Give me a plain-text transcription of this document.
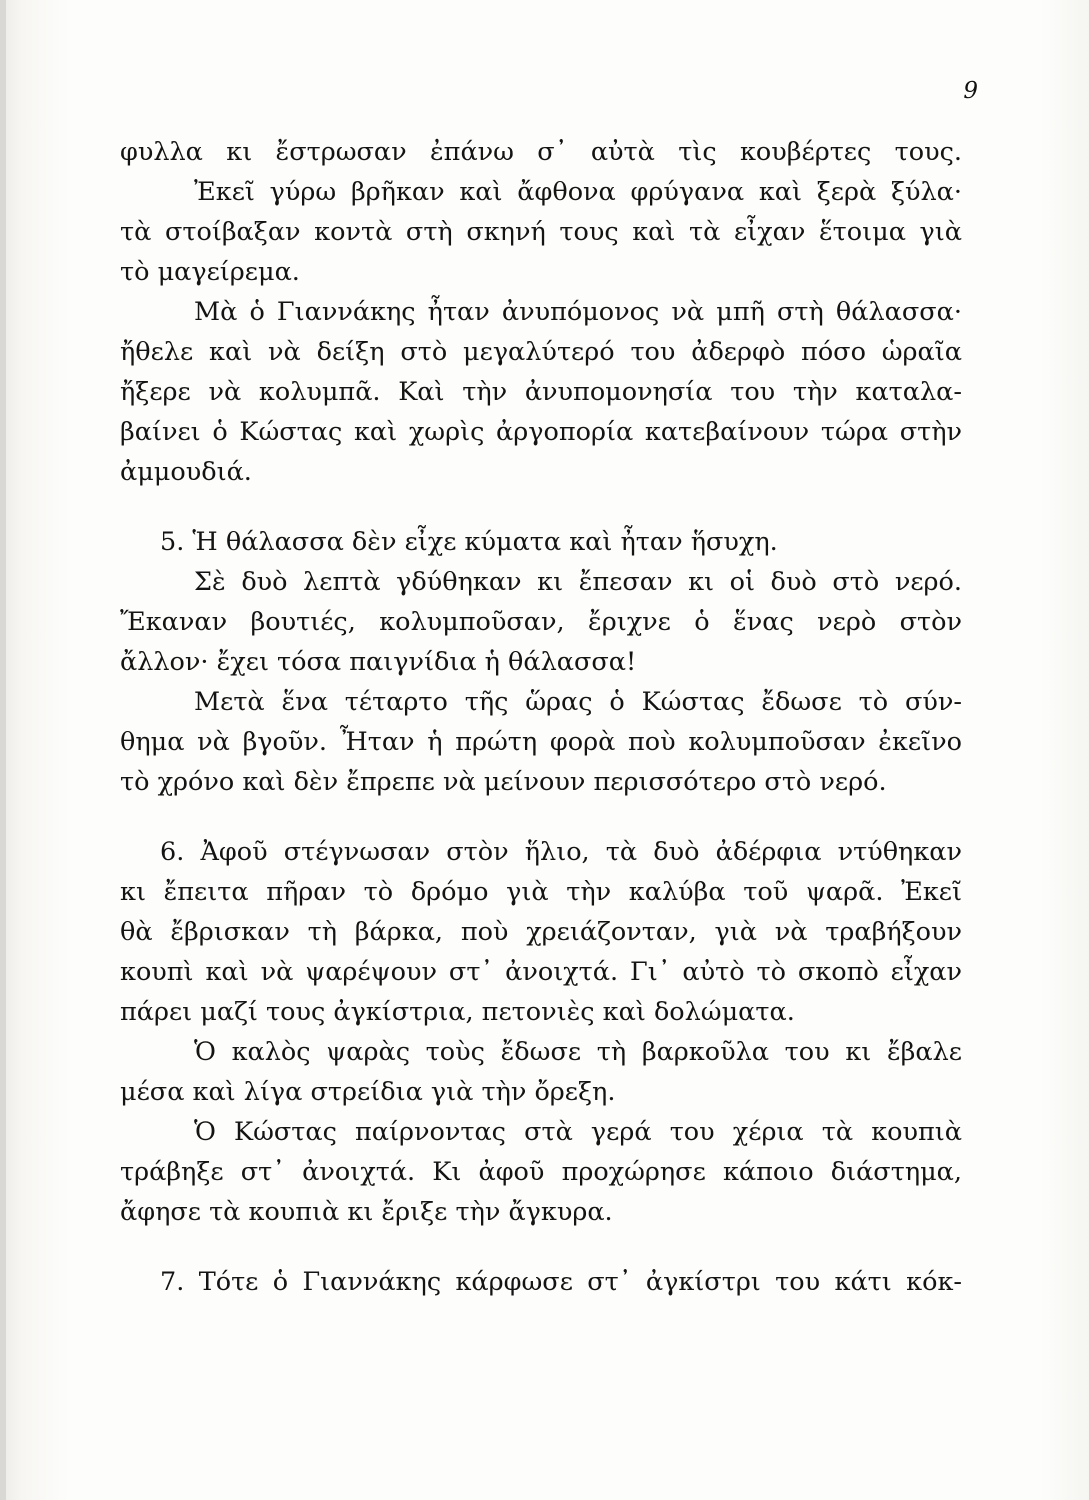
9
φυλλα κι ἔστρωσαν ἐπάνω σ᾽ αὐτὰ τὶς κουβέρτες τους.
Ἐκεῖ γύρω βρῆκαν καὶ ἄφθονα φρύγανα καὶ ξερὰ ξύλα·
τὰ στοίβαξαν κοντὰ στὴ σκηνή τους καὶ τὰ εἶχαν ἕτοιμα γιὰ
τὸ μαγείρεμα.
Μὰ ὁ Γιαννάκης ἦταν ἀνυπόμονος νὰ μπῆ στὴ θάλασσα·
ἤθελε καὶ νὰ δείξη στὸ μεγαλύτερό του ἀδερφὸ πόσο ὡραῖα
ἤξερε νὰ κολυμπᾶ. Καὶ τὴν ἀνυπομονησία του τὴν καταλα-
βαίνει ὁ Κώστας καὶ χωρὶς ἀργοπορία κατεβαίνουν τώρα στὴν
ἀμμουδιά.
5. Ἡ θάλασσα δὲν εἶχε κύματα καὶ ἦταν ἥσυχη.
Σὲ δυὸ λεπτὰ γδύθηκαν κι ἔπεσαν κι οἱ δυὸ στὸ νερό.
Ἔκαναν βουτιές, κολυμποῦσαν, ἔριχνε ὁ ἕνας νερὸ στὸν
ἄλλον· ἔχει τόσα παιγνίδια ἡ θάλασσα!
Μετὰ ἕνα τέταρτο τῆς ὥρας ὁ Κώστας ἔδωσε τὸ σύν-
θημα νὰ βγοῦν. Ἦταν ἡ πρώτη φορὰ ποὺ κολυμποῦσαν ἐκεῖνο
τὸ χρόνο καὶ δὲν ἔπρεπε νὰ μείνουν περισσότερο στὸ νερό.
6. Ἀφοῦ στέγνωσαν στὸν ἥλιο, τὰ δυὸ ἀδέρφια ντύθηκαν
κι ἔπειτα πῆραν τὸ δρόμο γιὰ τὴν καλύβα τοῦ ψαρᾶ. Ἐκεῖ
θὰ ἔβρισκαν τὴ βάρκα, ποὺ χρειάζονταν, γιὰ νὰ τραβήξουν
κουπὶ καὶ νὰ ψαρέψουν στ᾽ ἀνοιχτά. Γι᾽ αὐτὸ τὸ σκοπὸ εἶχαν
πάρει μαζί τους ἀγκίστρια, πετονιὲς καὶ δολώματα.
Ὁ καλὸς ψαρὰς τοὺς ἔδωσε τὴ βαρκοῦλα του κι ἔβαλε
μέσα καὶ λίγα στρείδια γιὰ τὴν ὄρεξη.
Ὁ Κώστας παίρνοντας στὰ γερά του χέρια τὰ κουπιὰ
τράβηξε στ᾽ ἀνοιχτά. Κι ἀφοῦ προχώρησε κάποιο διάστημα,
ἄφησε τὰ κουπιὰ κι ἔριξε τὴν ἄγκυρα.
7. Τότε ὁ Γιαννάκης κάρφωσε στ᾽ ἀγκίστρι του κάτι κόκ-
